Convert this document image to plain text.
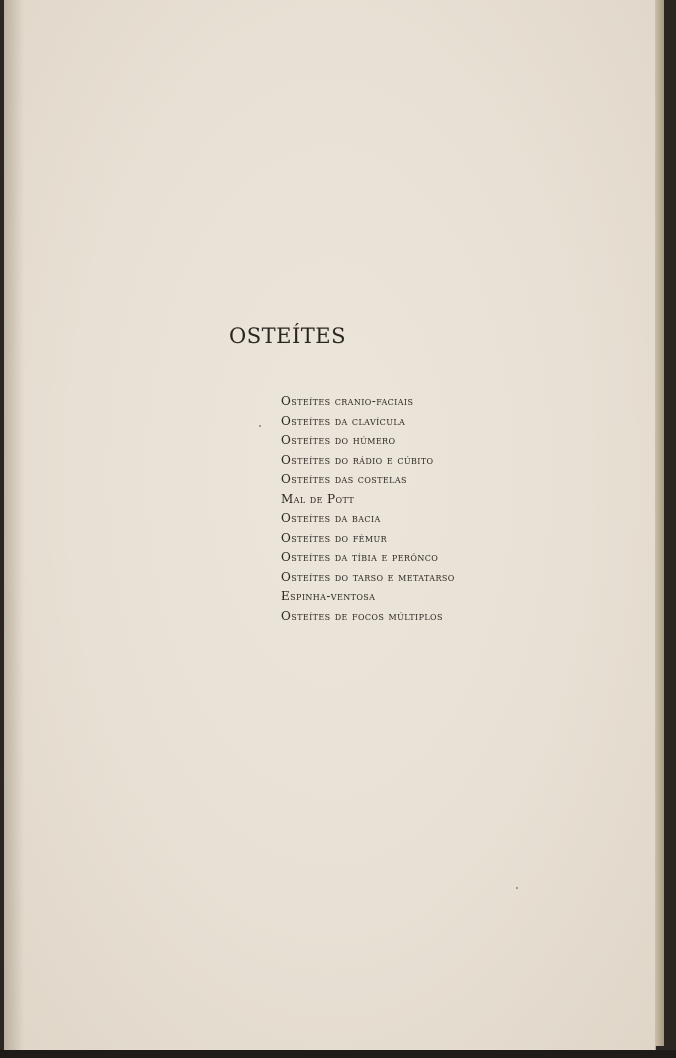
OSTEÍTES
Osteítes cranio-faciais
Osteítes da clavícula
Osteítes do húmero
Osteítes do rádio e cúbito
Osteítes das costelas
Mal de Pott
Osteítes da bacia
Osteítes do fémur
Osteítes da tíbia e perónco
Osteítes do tarso e metatarso
Espinha-ventosa
Osteítes de focos múltiplos
